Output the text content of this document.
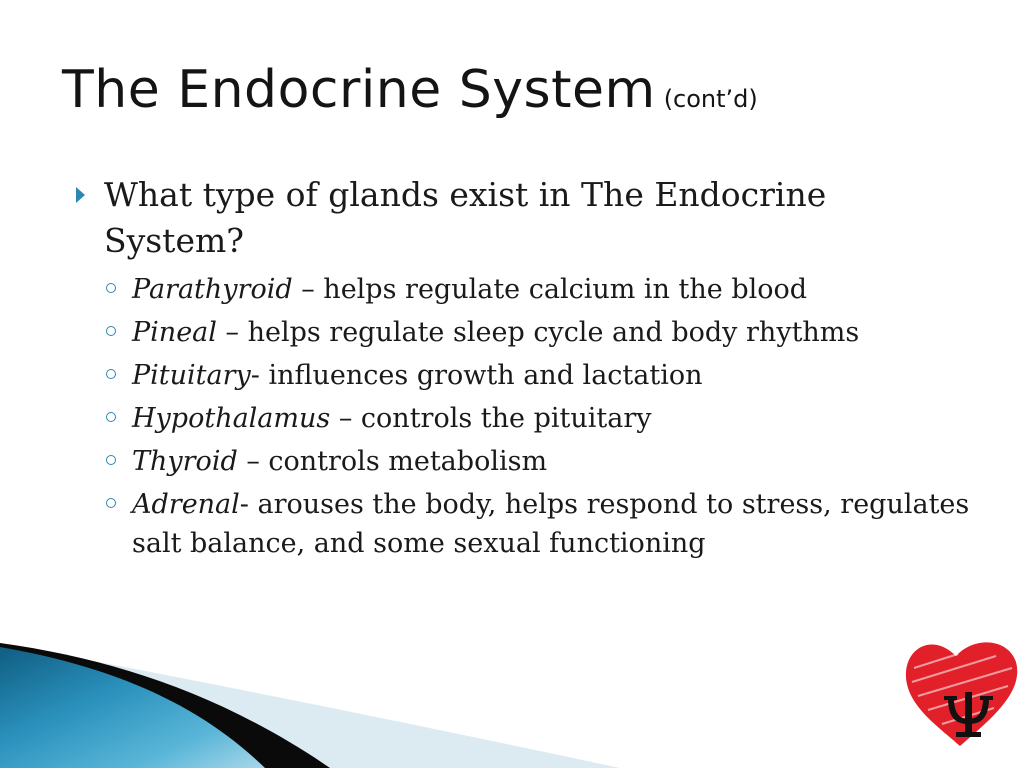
The Endocrine System (cont’d)
What type of glands exist in The Endocrine System?
Parathyroid – helps regulate calcium in the blood
Pineal – helps regulate sleep cycle and body rhythms
Pituitary- influences growth and lactation
Hypothalamus – controls the pituitary
Thyroid – controls metabolism
Adrenal- arouses the body, helps respond to stress, regulates salt balance, and some sexual functioning
